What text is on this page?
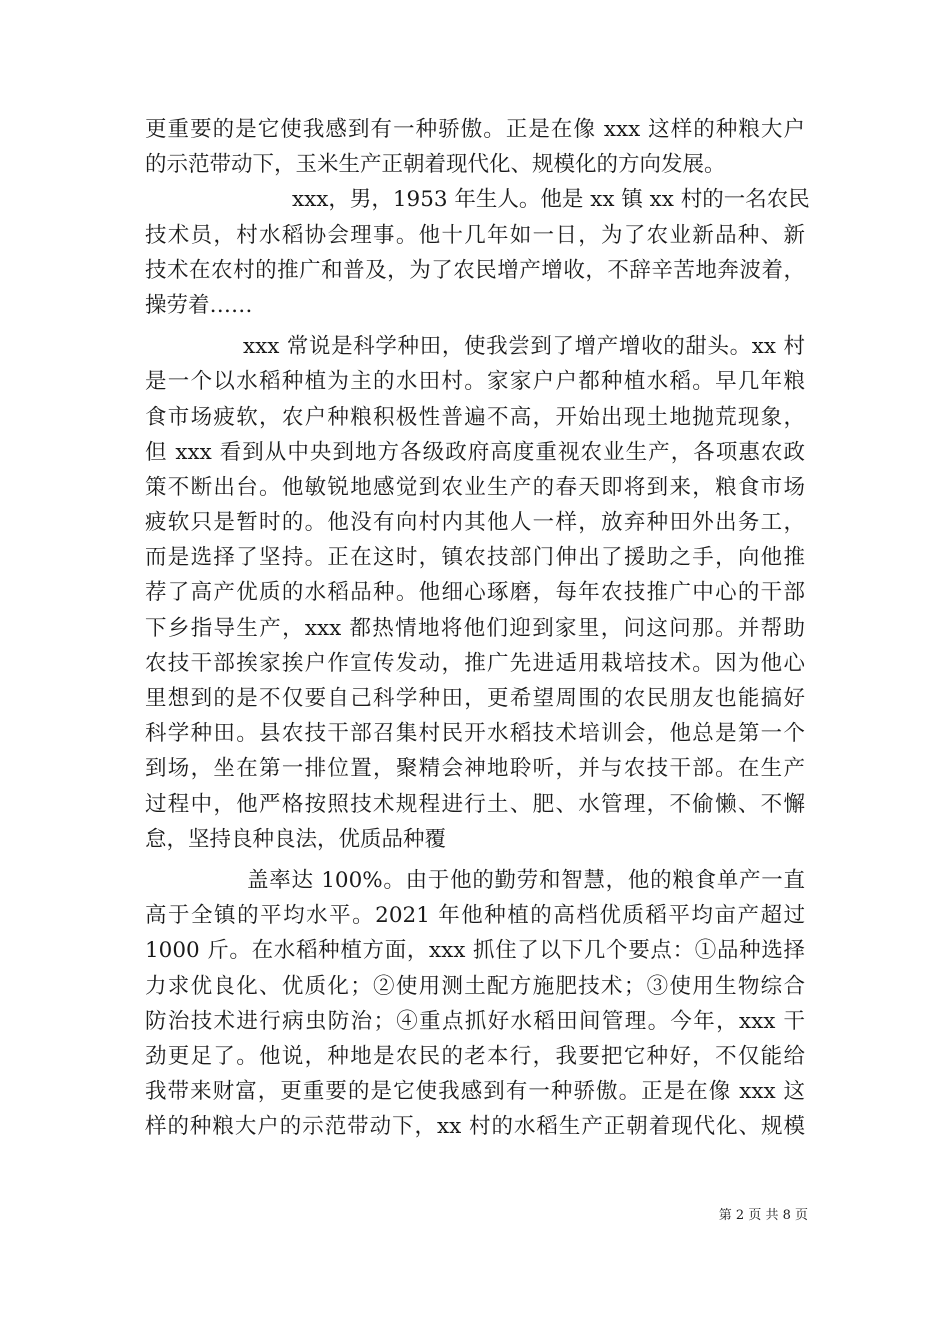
更重要的是它使我感到有一种骄傲。正是在像 xxx 这样的种粮大户
的示范带动下，玉米生产正朝着现代化、规模化的方向发展。
xxx，男，1953 年生人。他是 xx 镇 xx 村的一名农民
技术员，村水稻协会理事。他十几年如一日，为了农业新品种、新
技术在农村的推广和普及，为了农民增产增收，不辞辛苦地奔波着，
操劳着……
xxx 常说是科学种田，使我尝到了增产增收的甜头。xx 村
是一个以水稻种植为主的水田村。家家户户都种植水稻。早几年粮
食市场疲软，农户种粮积极性普遍不高，开始出现土地抛荒现象，
但 xxx 看到从中央到地方各级政府高度重视农业生产，各项惠农政
策不断出台。他敏锐地感觉到农业生产的春天即将到来，粮食市场
疲软只是暂时的。他没有向村内其他人一样，放弃种田外出务工，
而是选择了坚持。正在这时，镇农技部门伸出了援助之手，向他推
荐了高产优质的水稻品种。他细心琢磨，每年农技推广中心的干部
下乡指导生产，xxx 都热情地将他们迎到家里，问这问那。并帮助
农技干部挨家挨户作宣传发动，推广先进适用栽培技术。因为他心
里想到的是不仅要自己科学种田，更希望周围的农民朋友也能搞好
科学种田。县农技干部召集村民开水稻技术培训会，他总是第一个
到场，坐在第一排位置，聚精会神地聆听，并与农技干部。在生产
过程中，他严格按照技术规程进行土、肥、水管理，不偷懒、不懈
怠，坚持良种良法，优质品种覆
盖率达 100%。由于他的勤劳和智慧，他的粮食单产一直
高于全镇的平均水平。2021 年他种植的高档优质稻平均亩产超过
1000 斤。在水稻种植方面，xxx 抓住了以下几个要点：①品种选择
力求优良化、优质化；②使用测土配方施肥技术；③使用生物综合
防治技术进行病虫防治；④重点抓好水稻田间管理。今年，xxx 干
劲更足了。他说，种地是农民的老本行，我要把它种好，不仅能给
我带来财富，更重要的是它使我感到有一种骄傲。正是在像 xxx 这
样的种粮大户的示范带动下，xx 村的水稻生产正朝着现代化、规模
第 2 页 共 8 页
